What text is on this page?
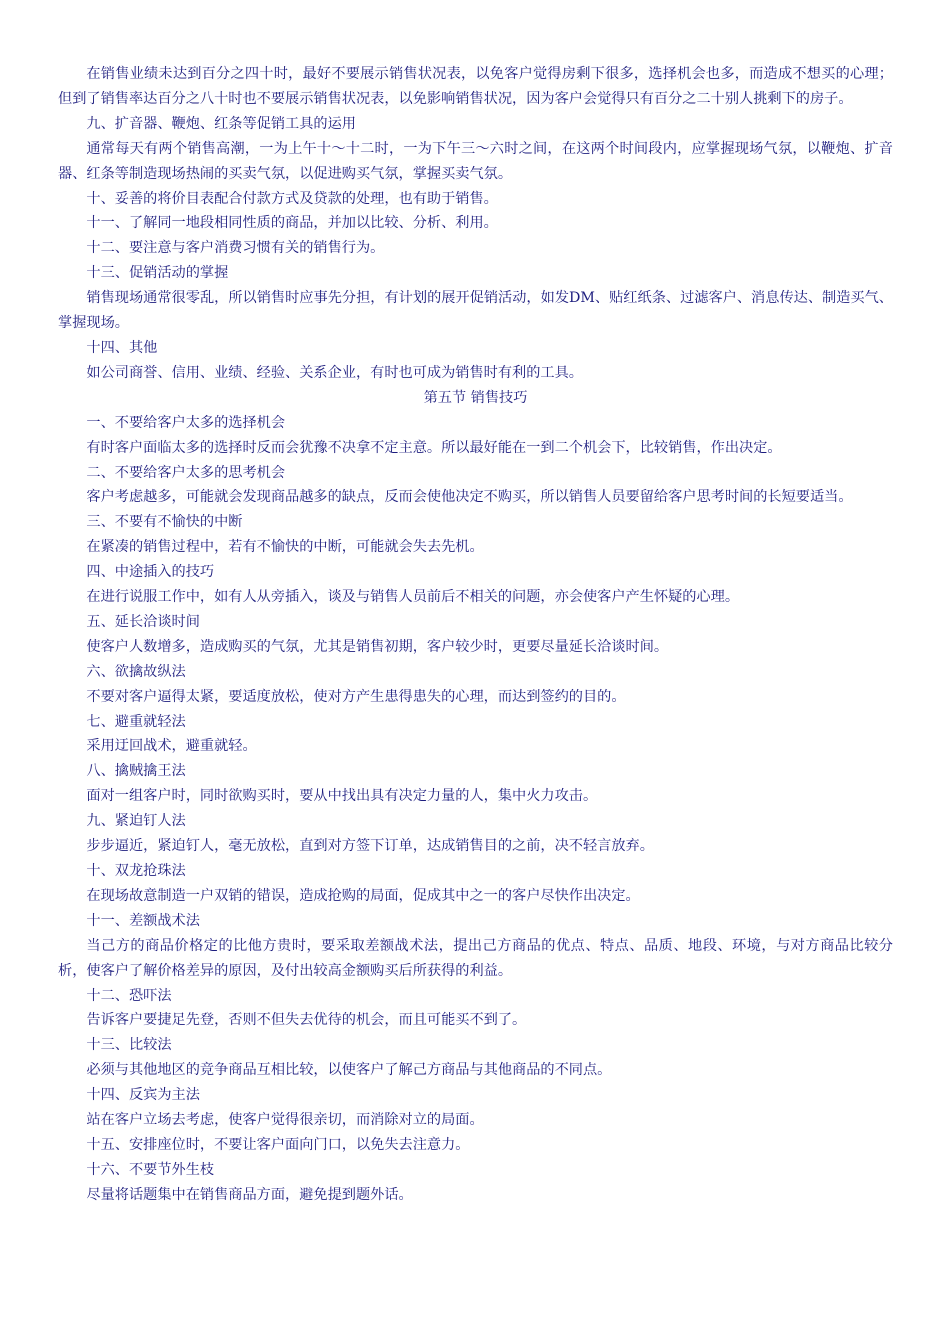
在销售业绩未达到百分之四十时，最好不要展示销售状况表，以免客户觉得房剩下很多，选择机会也多，而造成不想买的心理；但到了销售率达百分之八十时也不要展示销售状况表，以免影响销售状况，因为客户会觉得只有百分之二十别人挑剩下的房子。

九、扩音器、鞭炮、红条等促销工具的运用

通常每天有两个销售高潮，一为上午十～十二时，一为下午三～六时之间，在这两个时间段内，应掌握现场气氛，以鞭炮、扩音器、红条等制造现场热闹的买卖气氛，以促进购买气氛，掌握买卖气氛。

十、妥善的将价目表配合付款方式及贷款的处理，也有助于销售。

十一、了解同一地段相同性质的商品，并加以比较、分析、利用。

十二、要注意与客户消费习惯有关的销售行为。

十三、促销活动的掌握

销售现场通常很零乱，所以销售时应事先分担，有计划的展开促销活动，如发DM、贴红纸条、过滤客户、消息传达、制造买气、掌握现场。

十四、其他

如公司商誉、信用、业绩、经验、关系企业，有时也可成为销售时有利的工具。

第五节 销售技巧

一、不要给客户太多的选择机会

有时客户面临太多的选择时反而会犹豫不决拿不定主意。所以最好能在一到二个机会下，比较销售，作出决定。

二、不要给客户太多的思考机会

客户考虑越多，可能就会发现商品越多的缺点，反而会使他决定不购买，所以销售人员要留给客户思考时间的长短要适当。

三、不要有不愉快的中断

在紧凑的销售过程中，若有不愉快的中断，可能就会失去先机。

四、中途插入的技巧

在进行说服工作中，如有人从旁插入，谈及与销售人员前后不相关的问题，亦会使客户产生怀疑的心理。

五、延长洽谈时间

使客户人数增多，造成购买的气氛，尤其是销售初期，客户较少时，更要尽量延长洽谈时间。

六、欲擒故纵法

不要对客户逼得太紧，要适度放松，使对方产生患得患失的心理，而达到签约的目的。

七、避重就轻法

采用迂回战术，避重就轻。

八、擒贼擒王法

面对一组客户时，同时欲购买时，要从中找出具有决定力量的人，集中火力攻击。

九、紧迫钉人法

步步逼近，紧迫钉人，毫无放松，直到对方签下订单，达成销售目的之前，决不轻言放弃。

十、双龙抢珠法

在现场故意制造一户双销的错误，造成抢购的局面，促成其中之一的客户尽快作出决定。

十一、差额战术法

当己方的商品价格定的比他方贵时，要采取差额战术法，提出己方商品的优点、特点、品质、地段、环境，与对方商品比较分析，使客户了解价格差异的原因，及付出较高金额购买后所获得的利益。

十二、恐吓法

告诉客户要捷足先登，否则不但失去优待的机会，而且可能买不到了。

十三、比较法

必须与其他地区的竞争商品互相比较，以使客户了解己方商品与其他商品的不同点。

十四、反宾为主法

站在客户立场去考虑，使客户觉得很亲切，而消除对立的局面。

十五、安排座位时，不要让客户面向门口，以免失去注意力。

十六、不要节外生枝

尽量将话题集中在销售商品方面，避免提到题外话。
